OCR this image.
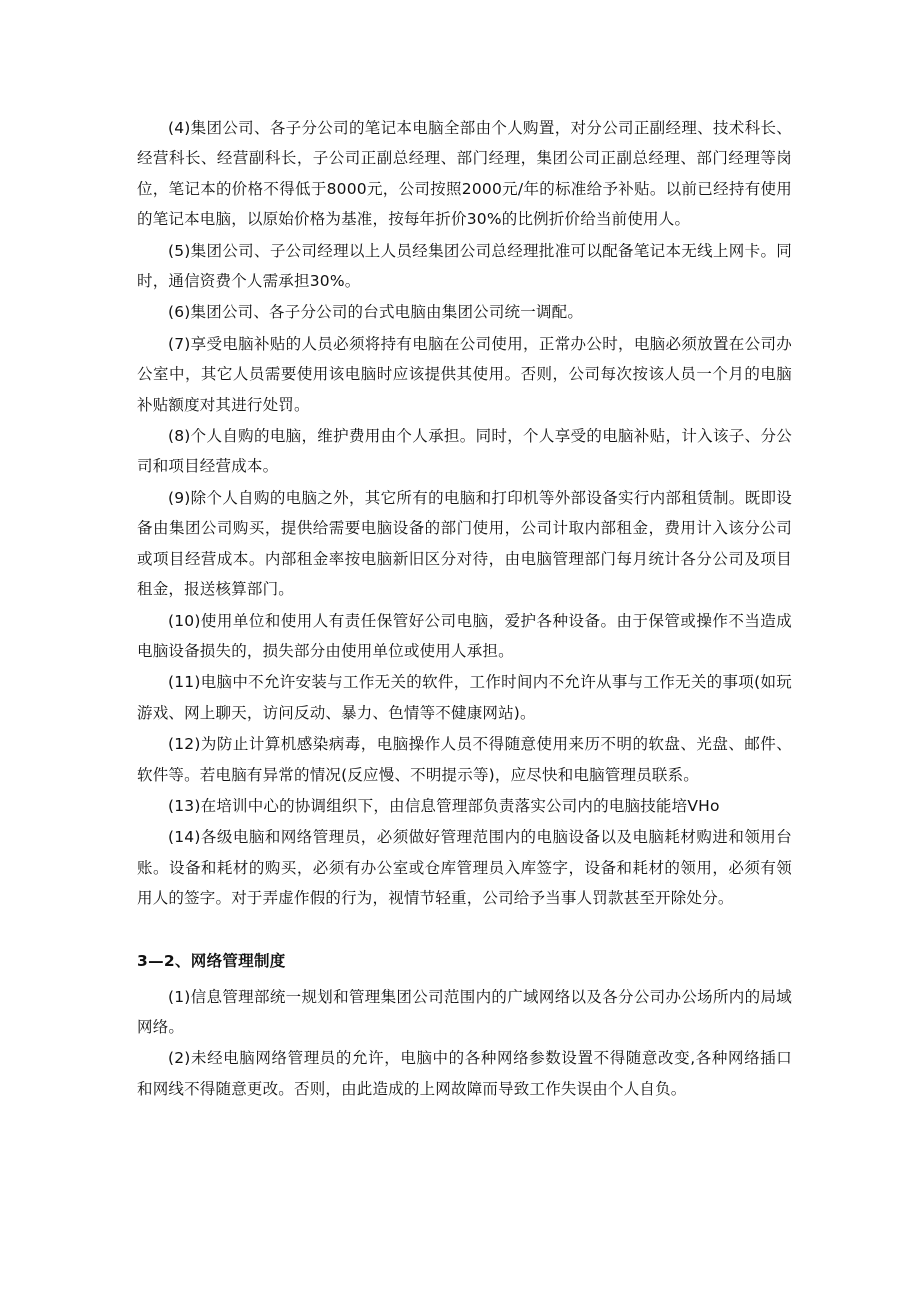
(4)集团公司、各子分公司的笔记本电脑全部由个人购置，对分公司正副经理、技术科长、经营科长、经营副科长，子公司正副总经理、部门经理，集团公司正副总经理、部门经理等岗位，笔记本的价格不得低于8000元，公司按照2000元/年的标准给予补贴。以前已经持有使用的笔记本电脑，以原始价格为基准，按每年折价30%的比例折价给当前使用人。

(5)集团公司、子公司经理以上人员经集团公司总经理批准可以配备笔记本无线上网卡。同时，通信资费个人需承担30%。

(6)集团公司、各子分公司的台式电脑由集团公司统一调配。

(7)享受电脑补贴的人员必须将持有电脑在公司使用，正常办公时，电脑必须放置在公司办公室中，其它人员需要使用该电脑时应该提供其使用。否则，公司每次按该人员一个月的电脑补贴额度对其进行处罚。

(8)个人自购的电脑，维护费用由个人承担。同时，个人享受的电脑补贴，计入该子、分公司和项目经营成本。

(9)除个人自购的电脑之外，其它所有的电脑和打印机等外部设备实行内部租赁制。既即设备由集团公司购买，提供给需要电脑设备的部门使用，公司计取内部租金，费用计入该分公司或项目经营成本。内部租金率按电脑新旧区分对待，由电脑管理部门每月统计各分公司及项目租金，报送核算部门。

(10)使用单位和使用人有责任保管好公司电脑，爱护各种设备。由于保管或操作不当造成电脑设备损失的，损失部分由使用单位或使用人承担。

(11)电脑中不允许安装与工作无关的软件，工作时间内不允许从事与工作无关的事项(如玩游戏、网上聊天，访问反动、暴力、色情等不健康网站)。

(12)为防止计算机感染病毒，电脑操作人员不得随意使用来历不明的软盘、光盘、邮件、软件等。若电脑有异常的情况(反应慢、不明提示等)，应尽快和电脑管理员联系。

(13)在培训中心的协调组织下，由信息管理部负责落实公司内的电脑技能培VHo

(14)各级电脑和网络管理员，必须做好管理范围内的电脑设备以及电脑耗材购进和领用台账。设备和耗材的购买，必须有办公室或仓库管理员入库签字，设备和耗材的领用，必须有领用人的签字。对于弄虚作假的行为，视情节轻重，公司给予当事人罚款甚至开除处分。

3—2、网络管理制度

(1)信息管理部统一规划和管理集团公司范围内的广域网络以及各分公司办公场所内的局域网络。

(2)未经电脑网络管理员的允许，电脑中的各种网络参数设置不得随意改变,各种网络插口和网线不得随意更改。否则，由此造成的上网故障而导致工作失误由个人自负。
